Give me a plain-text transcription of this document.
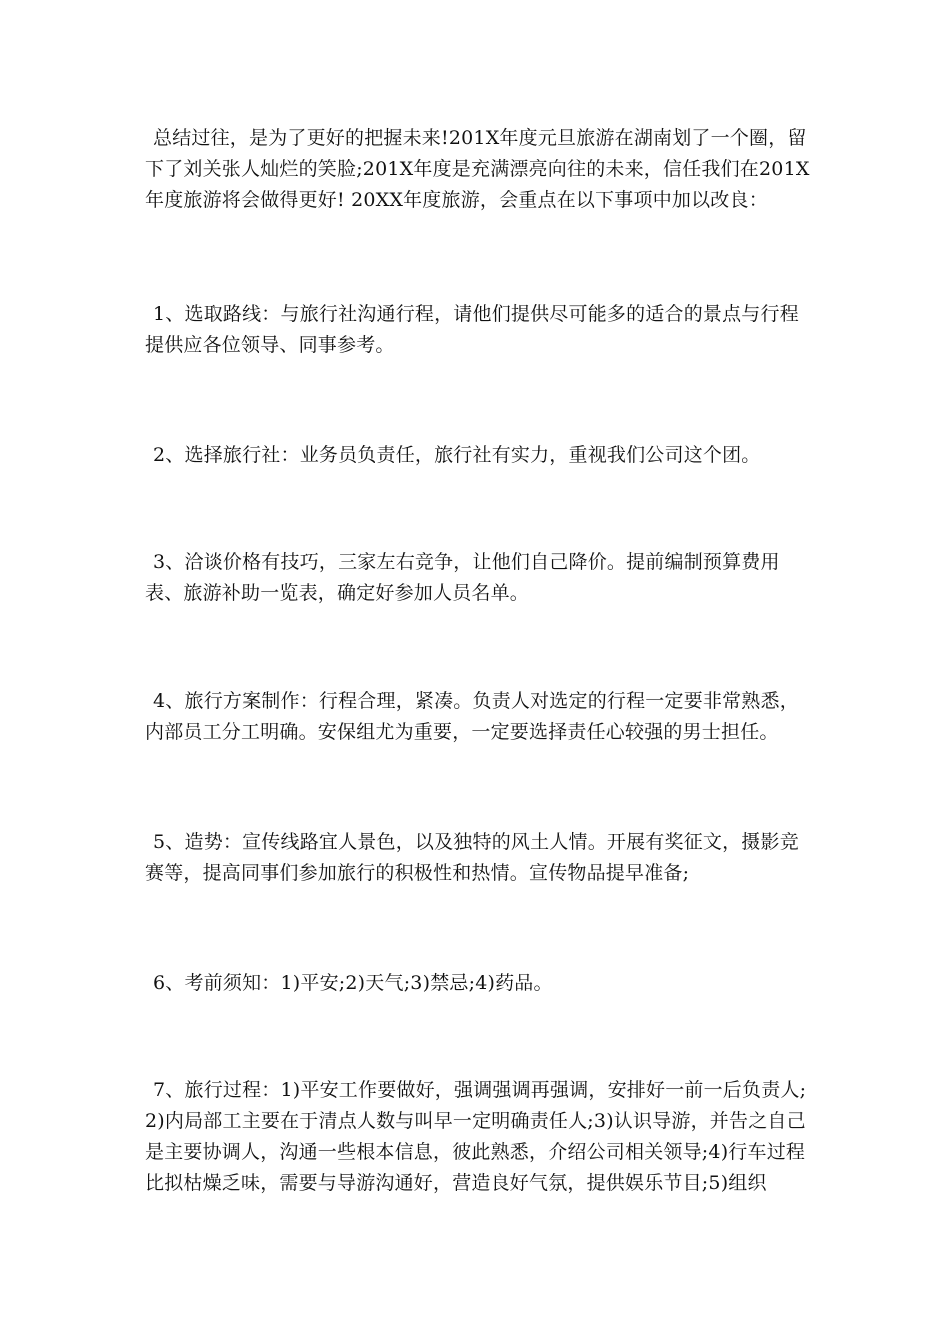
总结过往，是为了更好的把握未来!201X年度元旦旅游在湖南划了一个圈，留下了刘关张人灿烂的笑脸;201X年度是充满漂亮向往的未来，信任我们在201X年度旅游将会做得更好! 20XX年度旅游，会重点在以下事项中加以改良：

1、选取路线：与旅行社沟通行程，请他们提供尽可能多的适合的景点与行程提供应各位领导、同事参考。

2、选择旅行社：业务员负责任，旅行社有实力，重视我们公司这个团。

3、洽谈价格有技巧，三家左右竞争，让他们自己降价。提前编制预算费用表、旅游补助一览表，确定好参加人员名单。

4、旅行方案制作：行程合理，紧凑。负责人对选定的行程一定要非常熟悉，内部员工分工明确。安保组尤为重要，一定要选择责任心较强的男士担任。

5、造势：宣传线路宜人景色，以及独特的风土人情。开展有奖征文，摄影竞赛等，提高同事们参加旅行的积极性和热情。宣传物品提早准备;

6、考前须知：1)平安;2)天气;3)禁忌;4)药品。

7、旅行过程：1)平安工作要做好，强调强调再强调，安排好一前一后负责人;2)内局部工主要在于清点人数与叫早一定明确责任人;3)认识导游，并告之自己是主要协调人，沟通一些根本信息，彼此熟悉，介绍公司相关领导;4)行车过程比拟枯燥乏味，需要与导游沟通好，营造良好气氛，提供娱乐节目;5)组织
